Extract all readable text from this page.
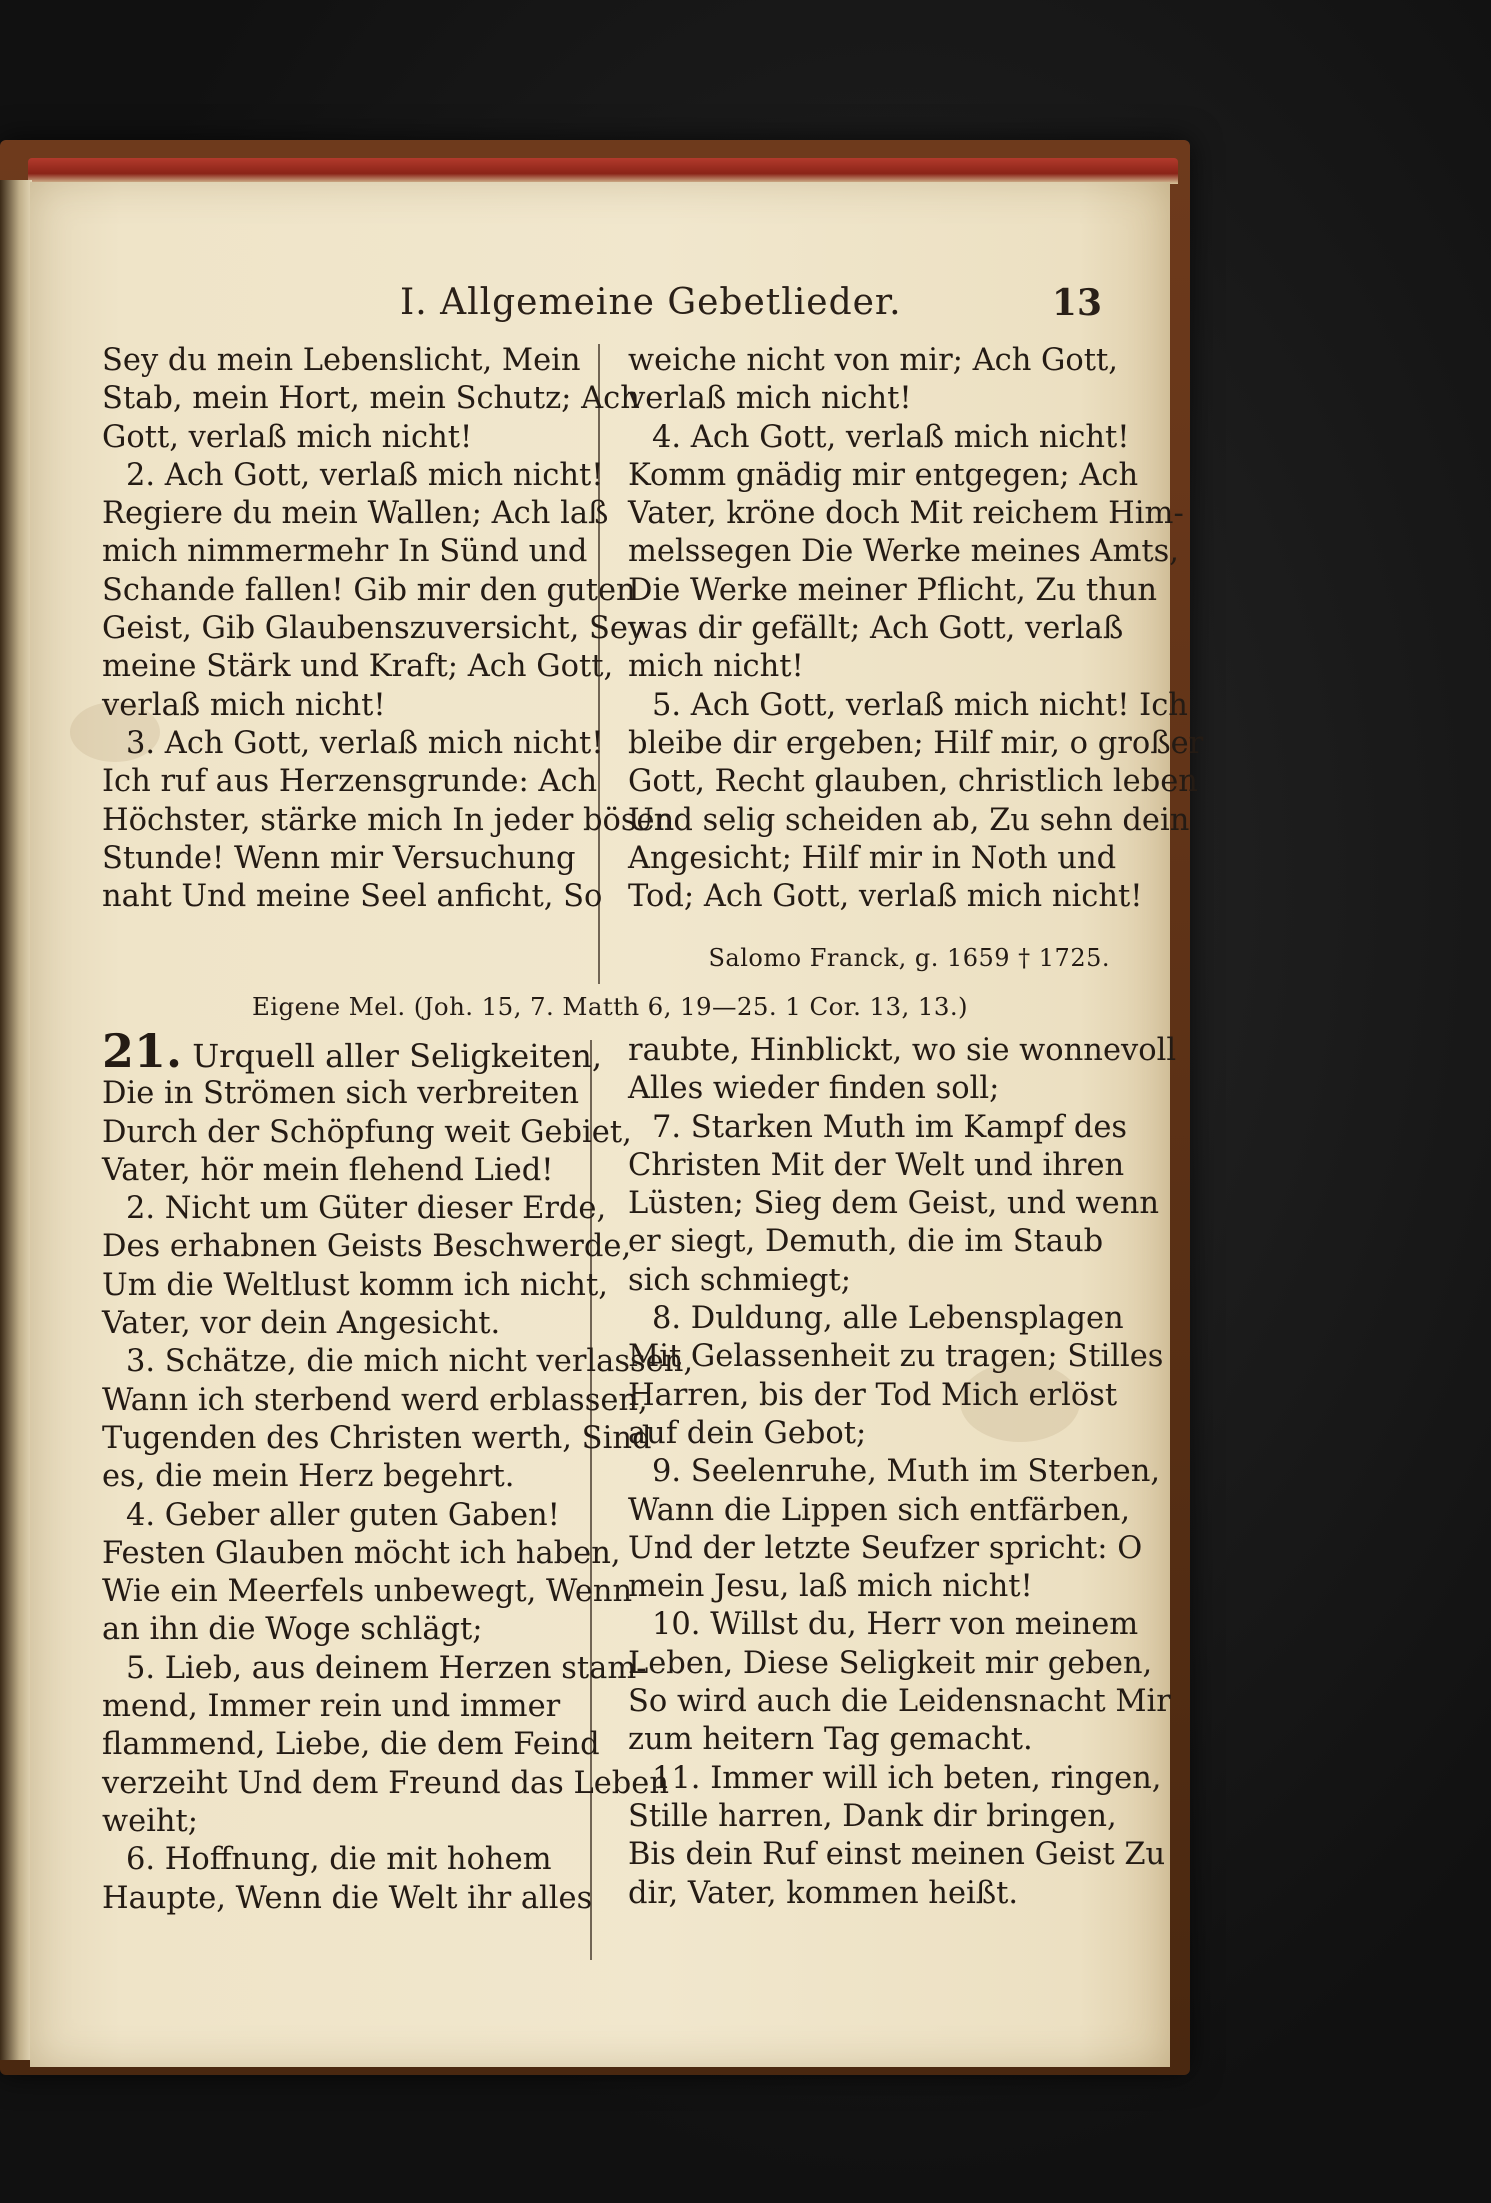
I. Allgemeine Gebetlieder.	13
Sey du mein Lebenslicht, Mein
Stab, mein Hort, mein Schutz; Ach
Gott, verlaß mich nicht!
2. Ach Gott, verlaß mich nicht!
Regiere du mein Wallen; Ach laß
mich nimmermehr In Sünd und
Schande fallen! Gib mir den guten
Geist, Gib Glaubenszuversicht, Sey
meine Stärk und Kraft; Ach Gott,
verlaß mich nicht!
3. Ach Gott, verlaß mich nicht!
Ich ruf aus Herzensgrunde: Ach
Höchster, stärke mich In jeder bösen
Stunde! Wenn mir Versuchung
naht Und meine Seel anficht, So
weiche nicht von mir; Ach Gott,
verlaß mich nicht!
4. Ach Gott, verlaß mich nicht!
Komm gnädig mir entgegen; Ach
Vater, kröne doch Mit reichem Him-
melssegen Die Werke meines Amts,
Die Werke meiner Pflicht, Zu thun
was dir gefällt; Ach Gott, verlaß
mich nicht!
5. Ach Gott, verlaß mich nicht! Ich
bleibe dir ergeben; Hilf mir, o großer
Gott, Recht glauben, christlich leben
Und selig scheiden ab, Zu sehn dein
Angesicht; Hilf mir in Noth und
Tod; Ach Gott, verlaß mich nicht!
Salomo Franck, g. 1659 † 1725.
Eigene Mel. (Joh. 15, 7. Matth 6, 19—25. 1 Cor. 13, 13.)
21. Urquell aller Seligkeiten,
Die in Strömen sich verbreiten
Durch der Schöpfung weit Gebiet,
Vater, hör mein flehend Lied!
2. Nicht um Güter dieser Erde,
Des erhabnen Geists Beschwerde,
Um die Weltlust komm ich nicht,
Vater, vor dein Angesicht.
3. Schätze, die mich nicht verlassen,
Wann ich sterbend werd erblassen,
Tugenden des Christen werth, Sind
es, die mein Herz begehrt.
4. Geber aller guten Gaben!
Festen Glauben möcht ich haben,
Wie ein Meerfels unbewegt, Wenn
an ihn die Woge schlägt;
5. Lieb, aus deinem Herzen stam-
mend, Immer rein und immer
flammend, Liebe, die dem Feind
verzeiht Und dem Freund das Leben
weiht;
6. Hoffnung, die mit hohem
Haupte, Wenn die Welt ihr alles
raubte, Hinblickt, wo sie wonnevoll
Alles wieder finden soll;
7. Starken Muth im Kampf des
Christen Mit der Welt und ihren
Lüsten; Sieg dem Geist, und wenn
er siegt, Demuth, die im Staub
sich schmiegt;
8. Duldung, alle Lebensplagen
Mit Gelassenheit zu tragen; Stilles
Harren, bis der Tod Mich erlöst
auf dein Gebot;
9. Seelenruhe, Muth im Sterben,
Wann die Lippen sich entfärben,
Und der letzte Seufzer spricht: O
mein Jesu, laß mich nicht!
10. Willst du, Herr von meinem
Leben, Diese Seligkeit mir geben,
So wird auch die Leidensnacht Mir
zum heitern Tag gemacht.
11. Immer will ich beten, ringen,
Stille harren, Dank dir bringen,
Bis dein Ruf einst meinen Geist Zu
dir, Vater, kommen heißt.
